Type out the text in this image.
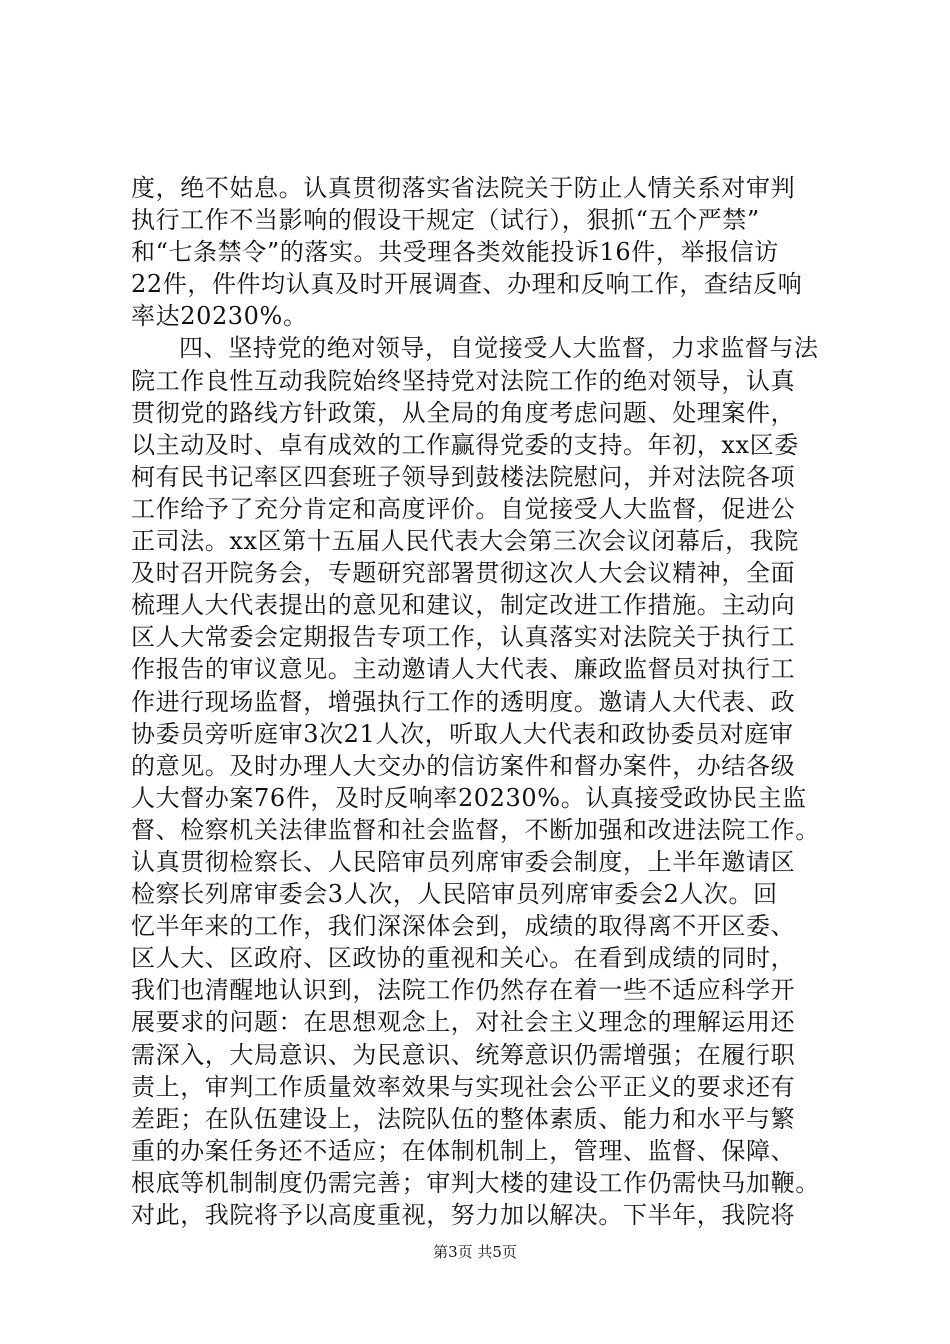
度，绝不姑息。认真贯彻落实省法院关于防止人情关系对审判
执行工作不当影响的假设干规定（试行），狠抓“五个严禁”
和“七条禁令”的落实。共受理各类效能投诉16件，举报信访
22件，件件均认真及时开展调查、办理和反响工作，查结反响
率达20230%。
四、坚持党的绝对领导，自觉接受人大监督，力求监督与法
院工作良性互动我院始终坚持党对法院工作的绝对领导，认真
贯彻党的路线方针政策，从全局的角度考虑问题、处理案件，
以主动及时、卓有成效的工作赢得党委的支持。年初，xx区委
柯有民书记率区四套班子领导到鼓楼法院慰问，并对法院各项
工作给予了充分肯定和高度评价。自觉接受人大监督，促进公
正司法。xx区第十五届人民代表大会第三次会议闭幕后，我院
及时召开院务会，专题研究部署贯彻这次人大会议精神，全面
梳理人大代表提出的意见和建议，制定改进工作措施。主动向
区人大常委会定期报告专项工作，认真落实对法院关于执行工
作报告的审议意见。主动邀请人大代表、廉政监督员对执行工
作进行现场监督，增强执行工作的透明度。邀请人大代表、政
协委员旁听庭审3次21人次，听取人大代表和政协委员对庭审
的意见。及时办理人大交办的信访案件和督办案件，办结各级
人大督办案76件，及时反响率20230%。认真接受政协民主监
督、检察机关法律监督和社会监督，不断加强和改进法院工作。
认真贯彻检察长、人民陪审员列席审委会制度，上半年邀请区
检察长列席审委会3人次，人民陪审员列席审委会2人次。回
忆半年来的工作，我们深深体会到，成绩的取得离不开区委、
区人大、区政府、区政协的重视和关心。在看到成绩的同时，
我们也清醒地认识到，法院工作仍然存在着一些不适应科学开
展要求的问题：在思想观念上，对社会主义理念的理解运用还
需深入，大局意识、为民意识、统筹意识仍需增强；在履行职
责上，审判工作质量效率效果与实现社会公平正义的要求还有
差距；在队伍建设上，法院队伍的整体素质、能力和水平与繁
重的办案任务还不适应；在体制机制上，管理、监督、保障、
根底等机制制度仍需完善；审判大楼的建设工作仍需快马加鞭。
对此，我院将予以高度重视，努力加以解决。下半年，我院将
第3页 共5页
